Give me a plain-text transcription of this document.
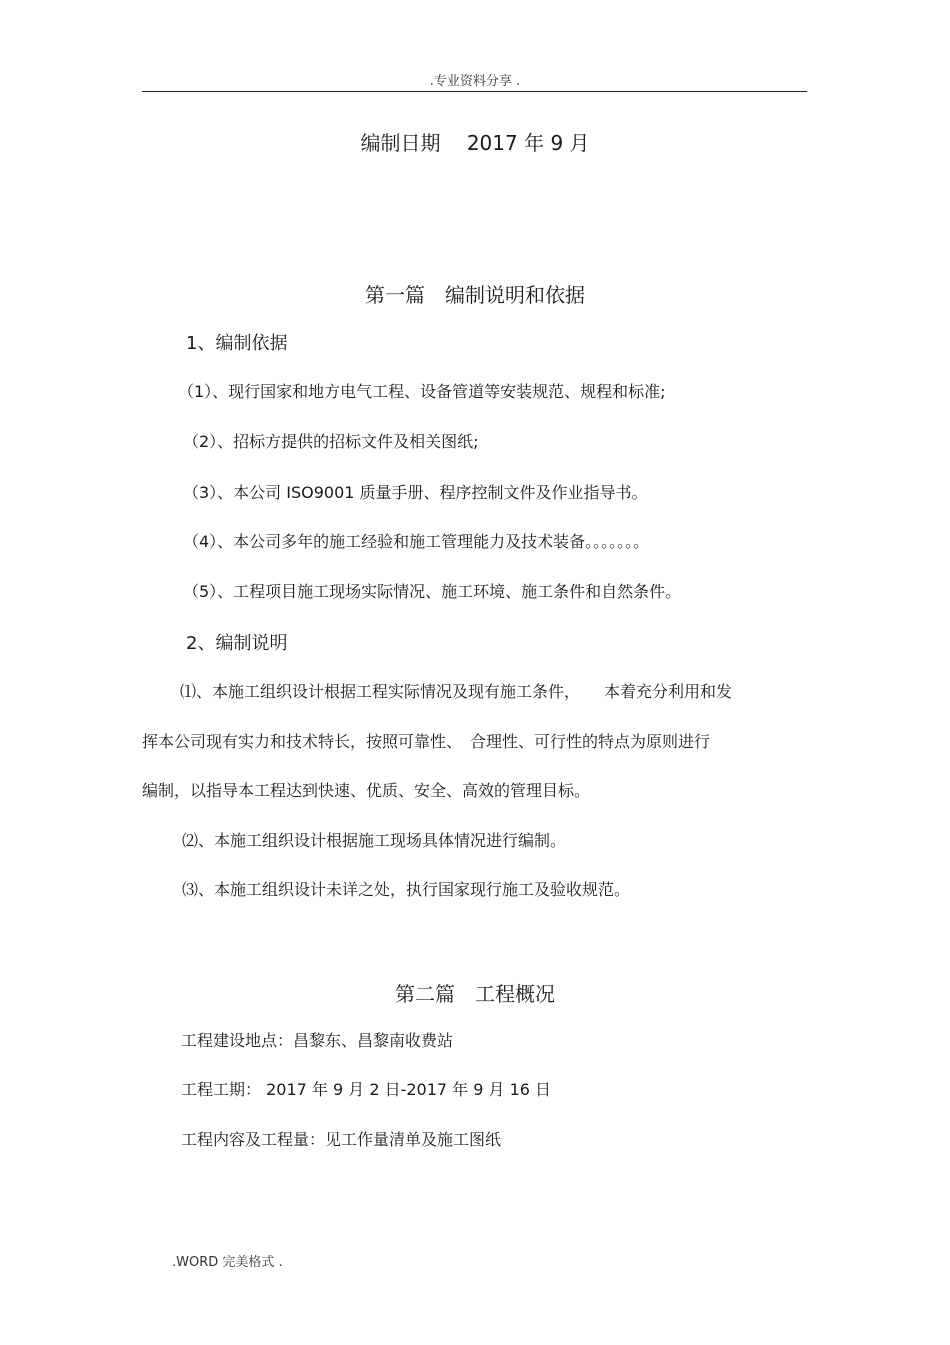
.专业资料分享 .
编制日期　 2017 年 9 月
第一篇　编制说明和依据
1、编制依据
（1）、现行国家和地方电气工程、设备管道等安装规范、规程和标准;
（2）、招标方提供的招标文件及相关图纸;
（3）、本公司 ISO9001 质量手册、程序控制文件及作业指导书。
（4）、本公司多年的施工经验和施工管理能力及技术装备。。。。。。。
（5）、工程项目施工现场实际情况、施工环境、施工条件和自然条件。
2、编制说明
⑴、本施工组织设计根据工程实际情况及现有施工条件，　　本着充分利用和发
挥本公司现有实力和技术特长，按照可靠性、　合理性、可行性的特点为原则进行
编制，以指导本工程达到快速、优质、安全、高效的管理目标。
⑵、本施工组织设计根据施工现场具体情况进行编制。
⑶、本施工组织设计未详之处，执行国家现行施工及验收规范。
第二篇　工程概况
工程建设地点：昌黎东、昌黎南收费站
工程工期： 2017 年 9 月 2 日-2017 年 9 月 16 日
工程内容及工程量：见工作量清单及施工图纸
.WORD 完美格式 .
